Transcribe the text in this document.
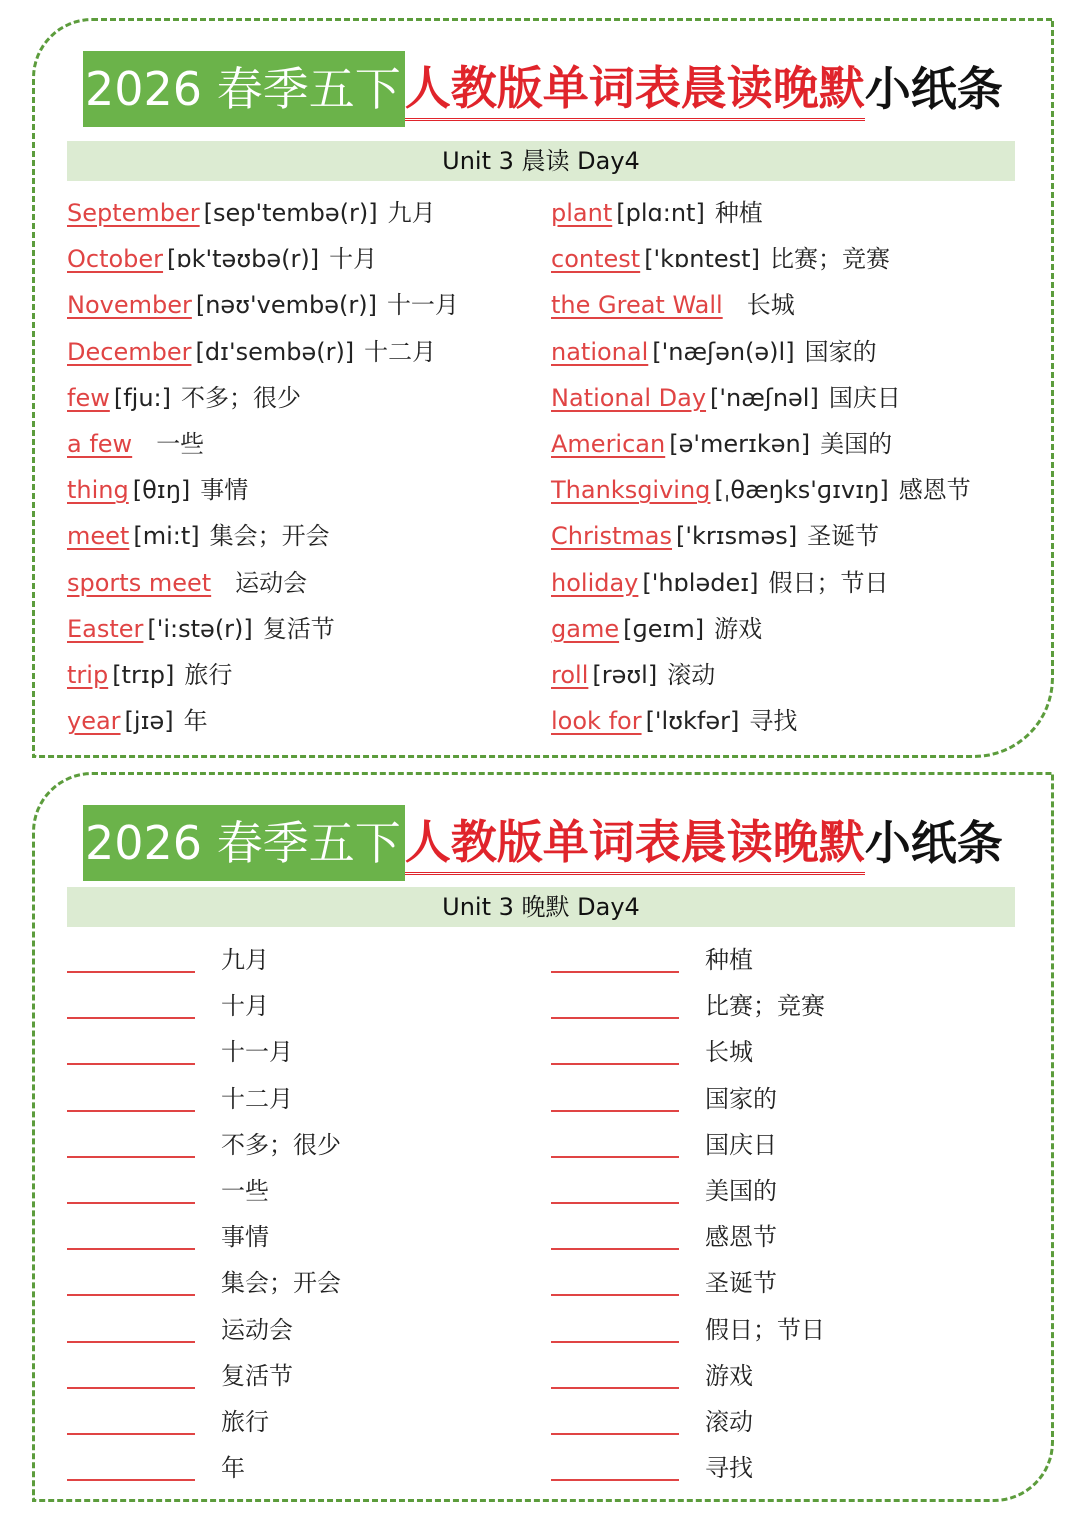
2026 春季五下 人教版单词表晨读晚默 小纸条
Unit 3 晨读 Day4
September [sep'tembə(r)] 九月
October [ɒk'təʊbə(r)] 十月
November [nəʊ'vembə(r)] 十一月
December [dɪ'sembə(r)] 十二月
few [fju:] 不多；很少
a few 一些
thing [θɪŋ] 事情
meet [mi:t] 集会；开会
sports meet 运动会
Easter ['i:stə(r)] 复活节
trip [trɪp] 旅行
year [jɪə] 年
plant [plɑ:nt] 种植
contest ['kɒntest] 比赛；竞赛
the Great Wall 长城
national ['næʃən(ə)l] 国家的
National Day ['næʃnəl] 国庆日
American [ə'merɪkən] 美国的
Thanksgiving [ˌθæŋks'ɡɪvɪŋ] 感恩节
Christmas ['krɪsməs] 圣诞节
holiday ['hɒlədeɪ] 假日；节日
game [ɡeɪm] 游戏
roll [rəʊl] 滚动
look for ['lʊkfər] 寻找
2026 春季五下 人教版单词表晨读晚默 小纸条
Unit 3 晚默 Day4
九月
十月
十一月
十二月
不多；很少
一些
事情
集会；开会
运动会
复活节
旅行
年
种植
比赛；竞赛
长城
国家的
国庆日
美国的
感恩节
圣诞节
假日；节日
游戏
滚动
寻找
